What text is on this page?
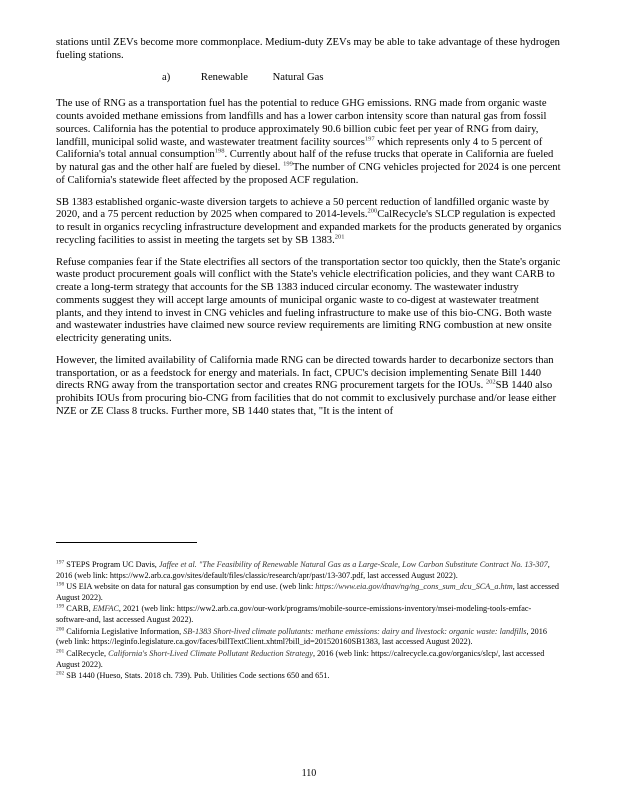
stations until ZEVs become more commonplace. Medium-duty ZEVs may be able to take advantage of these hydrogen fueling stations.

a)	Renewable Natural Gas

The use of RNG as a transportation fuel has the potential to reduce GHG emissions. RNG made from organic waste counts avoided methane emissions from landfills and has a lower carbon intensity score than natural gas from fossil sources. California has the potential to produce approximately 90.6 billion cubic feet per year of RNG from dairy, landfill, municipal solid waste, and wastewater treatment facility sources$^{197}$ which represents only 4 to 5 percent of California's total annual consumption$^{198}$. Currently about half of the refuse trucks that operate in California are fueled by natural gas and the other half are fueled by diesel. $^{199}$The number of CNG vehicles projected for 2024 is one percent of California's statewide fleet affected by the proposed ACF regulation.

SB 1383 established organic-waste diversion targets to achieve a 50 percent reduction of landfilled organic waste by 2020, and a 75 percent reduction by 2025 when compared to 2014-levels.$^{200}$CalRecycle's SLCP regulation is expected to result in organics recycling infrastructure development and expanded markets for the products generated by organics recycling facilities to assist in meeting the targets set by SB 1383.$^{201}$

Refuse companies fear if the State electrifies all sectors of the transportation sector too quickly, then the State's organic waste product procurement goals will conflict with the State's vehicle electrification policies, and they want CARB to create a long-term strategy that accounts for the SB 1383 induced circular economy. The wastewater industry comments suggest they will accept large amounts of municipal organic waste to co-digest at wastewater treatment plants, and they intend to invest in CNG vehicles and fueling infrastructure to make use of this bio-CNG. Both waste and wastewater industries have claimed new source review requirements are limiting RNG combustion at new onsite electricity generating units.

However, the limited availability of California made RNG can be directed towards harder to decarbonize sectors than transportation, or as a feedstock for energy and materials. In fact, CPUC's decision implementing Senate Bill 1440 directs RNG away from the transportation sector and creates RNG procurement targets for the IOUs. $^{202}$SB 1440 also prohibits IOUs from procuring bio-CNG from facilities that do not commit to exclusively purchase and/or lease either NZE or ZE Class 8 trucks. Further more, SB 1440 states that, "It is the intent of

$^{197}$ STEPS Program UC Davis, Jaffee et al. "The Feasibility of Renewable Natural Gas as a Large-Scale, Low Carbon Substitute Contract No. 13-307, 2016 (web link: https://ww2.arb.ca.gov/sites/default/files/classic/research/apr/past/13-307.pdf, last accessed August 2022).
$^{198}$ US EIA website on data for natural gas consumption by end use. (web link: https://www.eia.gov/dnav/ng/ng_cons_sum_dcu_SCA_a.htm, last accessed August 2022).
$^{199}$ CARB, EMFAC, 2021 (web link: https://ww2.arb.ca.gov/our-work/programs/mobile-source-emissions-inventory/msei-modeling-tools-emfac-software-and, last accessed August 2022).
$^{200}$ California Legislative Information, SB-1383 Short-lived climate pollutants: methane emissions: dairy and livestock: organic waste: landfills, 2016 (web link: https://leginfo.legislature.ca.gov/faces/billTextClient.xhtml?bill_id=201520160SB1383, last accessed August 2022).
$^{201}$ CalRecycle, California's Short-Lived Climate Pollutant Reduction Strategy, 2016 (web link: https://calrecycle.ca.gov/organics/slcp/, last accessed August 2022).
$^{202}$ SB 1440 (Hueso, Stats. 2018 ch. 739). Pub. Utilities Code sections 650 and 651.
110
